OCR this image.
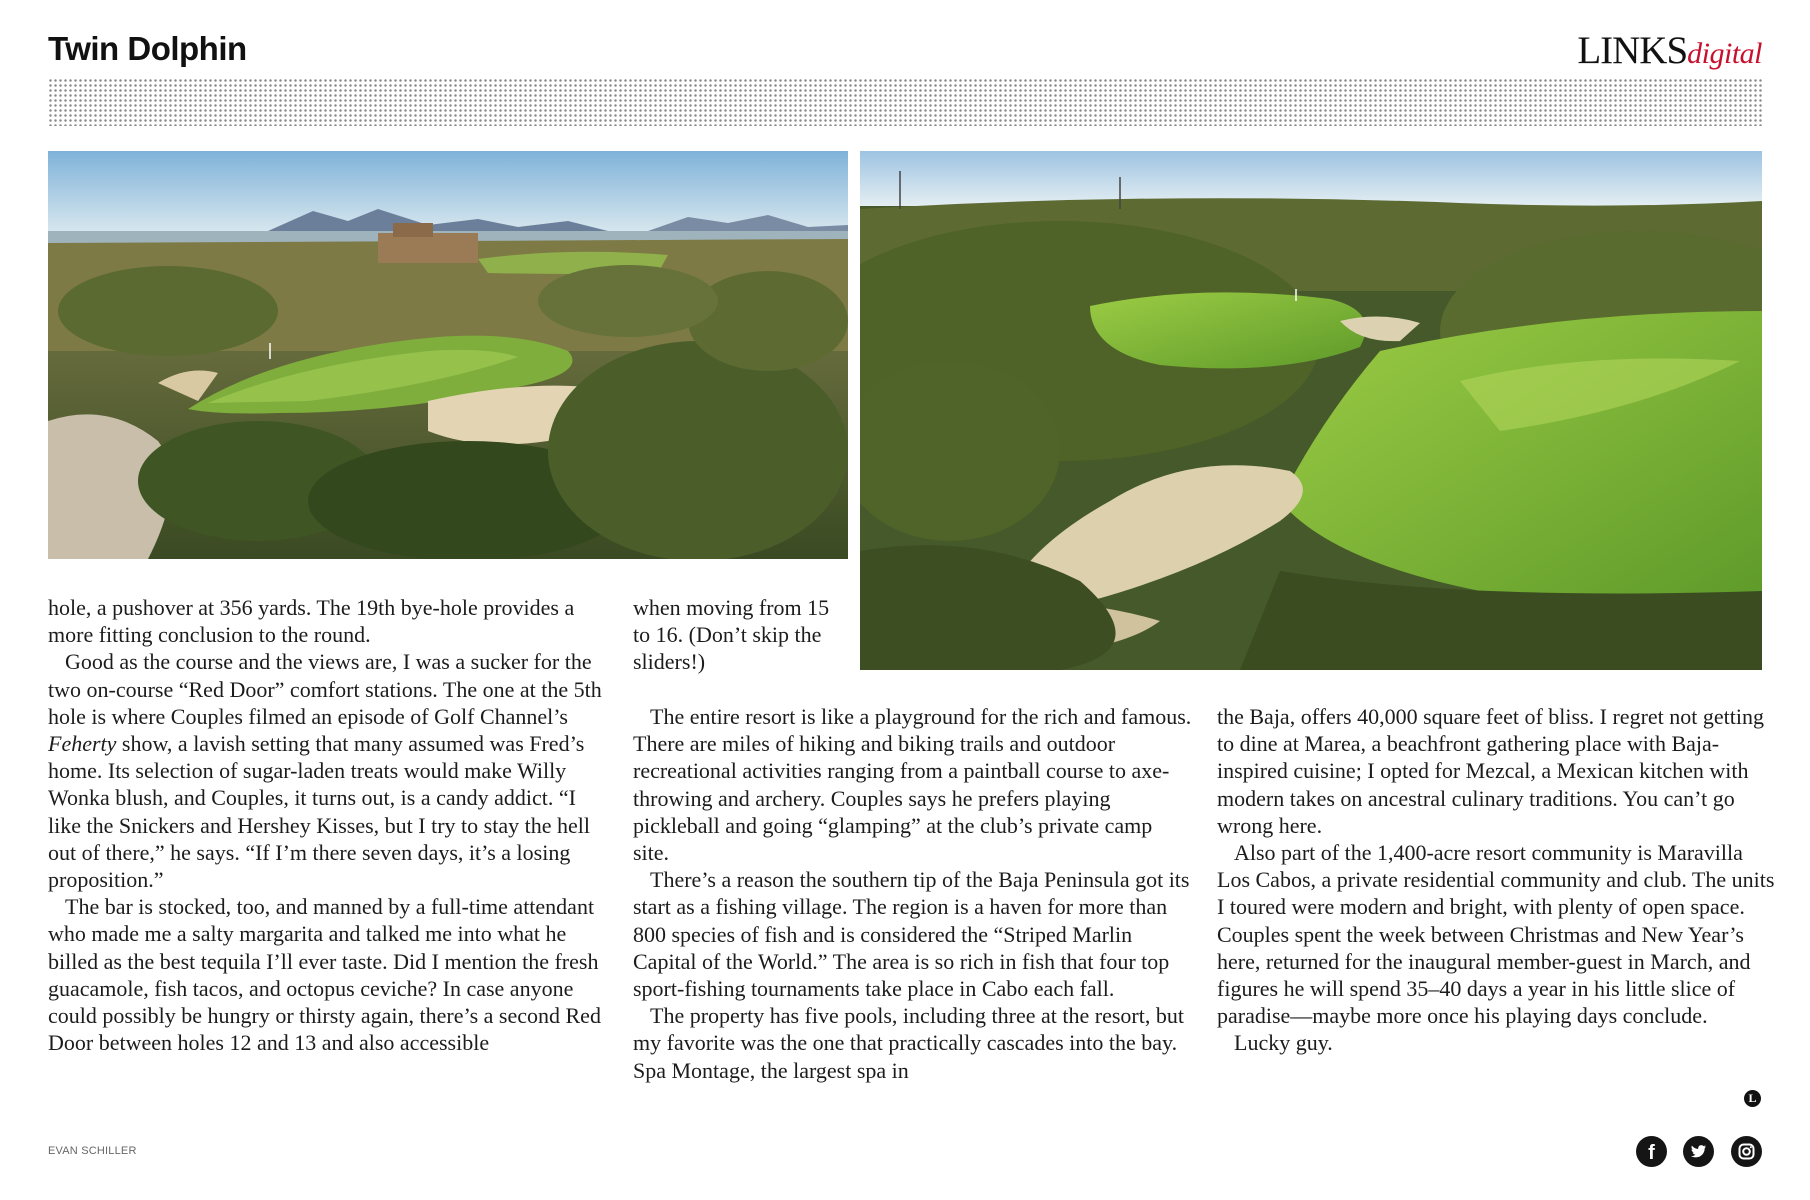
Twin Dolphin	LINKSdigital

hole, a pushover at 356 yards. The 19th bye-hole provides a more fitting conclusion to the round.

Good as the course and the views are, I was a sucker for the two on-course “Red Door” comfort stations. The one at the 5th hole is where Couples filmed an episode of Golf Channel’s Feherty show, a lavish setting that many assumed was Fred’s home. Its selection of sugar-laden treats would make Willy Wonka blush, and Couples, it turns out, is a candy addict. “I like the Snickers and Hershey Kisses, but I try to stay the hell out of there,” he says. “If I’m there seven days, it’s a losing proposition.”

The bar is stocked, too, and manned by a full-time attendant who made me a salty margarita and talked me into what he billed as the best tequila I’ll ever taste. Did I mention the fresh guacamole, fish tacos, and octopus ceviche? In case anyone could possibly be hungry or thirsty again, there’s a second Red Door between holes 12 and 13 and also accessible

when moving from 15 to 16. (Don’t skip the sliders!)

The entire resort is like a playground for the rich and famous. There are miles of hiking and biking trails and outdoor recreational activities ranging from a paintball course to axe-throwing and archery. Couples says he prefers playing pickleball and going “glamping” at the club’s private camp site.

There’s a reason the southern tip of the Baja Peninsula got its start as a fishing village. The region is a haven for more than 800 species of fish and is considered the “Striped Marlin Capital of the World.” The area is so rich in fish that four top sport-fishing tournaments take place in Cabo each fall.

The property has five pools, including three at the resort, but my favorite was the one that practically cascades into the bay. Spa Montage, the largest spa in

the Baja, offers 40,000 square feet of bliss. I regret not getting to dine at Marea, a beachfront gathering place with Baja-inspired cuisine; I opted for Mezcal, a Mexican kitchen with modern takes on ancestral culinary traditions. You can’t go wrong here.

Also part of the 1,400-acre resort community is Maravilla Los Cabos, a private residential community and club. The units I toured were modern and bright, with plenty of open space. Couples spent the week between Christmas and New Year’s here, returned for the inaugural member-guest in March, and figures he will spend 35–40 days a year in his little slice of paradise—maybe more once his playing days conclude.

Lucky guy.

L
EVAN SCHILLER	f
